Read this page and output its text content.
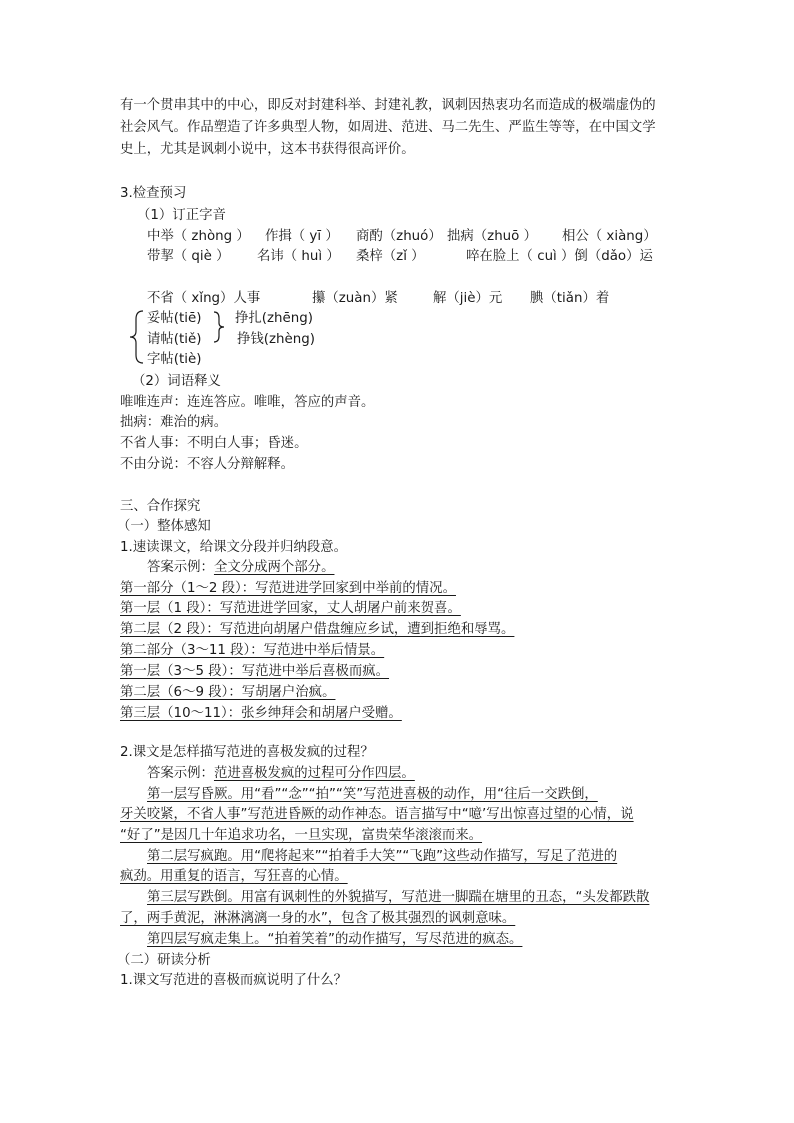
有一个贯串其中的中心，即反对封建科举、封建礼教，讽刺因热衷功名而造成的极端虚伪的
社会风气。作品塑造了许多典型人物，如周进、范进、马二先生、严监生等等，在中国文学
史上，尤其是讽刺小说中，这本书获得很高评价。
3.检查预习
（1）订正字音
中举（ zhòng ） 作揖（ yī ） 商酌（zhuó） 拙病（zhuō ） 相公（ xiàng）
带挈（ qiè ） 名讳（ huì ） 桑梓（zǐ ）	啐在脸上（ cuì ）倒（dǎo）运
不省（ xǐng）人事	攥（zuàn）紧	解（jiè）元 腆（tiǎn）着
妥帖(tiē)
请帖(tiě)
字帖(tiè)
挣扎(zhēng)
挣钱(zhèng)
（2）词语释义
唯唯连声：连连答应。唯唯，答应的声音。
拙病：难治的病。
不省人事：不明白人事；昏迷。
不由分说：不容人分辩解释。
三、合作探究
（一）整体感知
1.速读课文，给课文分段并归纳段意。
答案示例：全文分成两个部分。
第一部分（1～2 段）：写范进进学回家到中举前的情况。
第一层（1 段）：写范进进学回家，丈人胡屠户前来贺喜。
第二层（2 段）：写范进向胡屠户借盘缠应乡试，遭到拒绝和辱骂。
第二部分（3～11 段）：写范进中举后情景。
第一层（3～5 段）：写范进中举后喜极而疯。
第二层（6～9 段）：写胡屠户治疯。
第三层（10～11）：张乡绅拜会和胡屠户受赠。
2.课文是怎样描写范进的喜极发疯的过程？
答案示例：范进喜极发疯的过程可分作四层。
第一层写昏厥。用“看”“念”“拍”“笑”写范进喜极的动作，用“往后一交跌倒，
牙关咬紧，不省人事”写范进昏厥的动作神态。语言描写中“噫’写出惊喜过望的心情，说
“好了”是因几十年追求功名，一旦实现，富贵荣华滚滚而来。
第二层写疯跑。用“爬将起来”“拍着手大笑”“飞跑”这些动作描写，写足了范进的
疯劲。用重复的语言，写狂喜的心情。
第三层写跌倒。用富有讽刺性的外貌描写，写范进一脚踹在塘里的丑态，“头发都跌散
了，两手黄泥，淋淋漓漓一身的水”，包含了极其强烈的讽刺意味。
第四层写疯走集上。“拍着笑着”的动作描写，写尽范进的疯态。
（二）研读分析
1.课文写范进的喜极而疯说明了什么？
